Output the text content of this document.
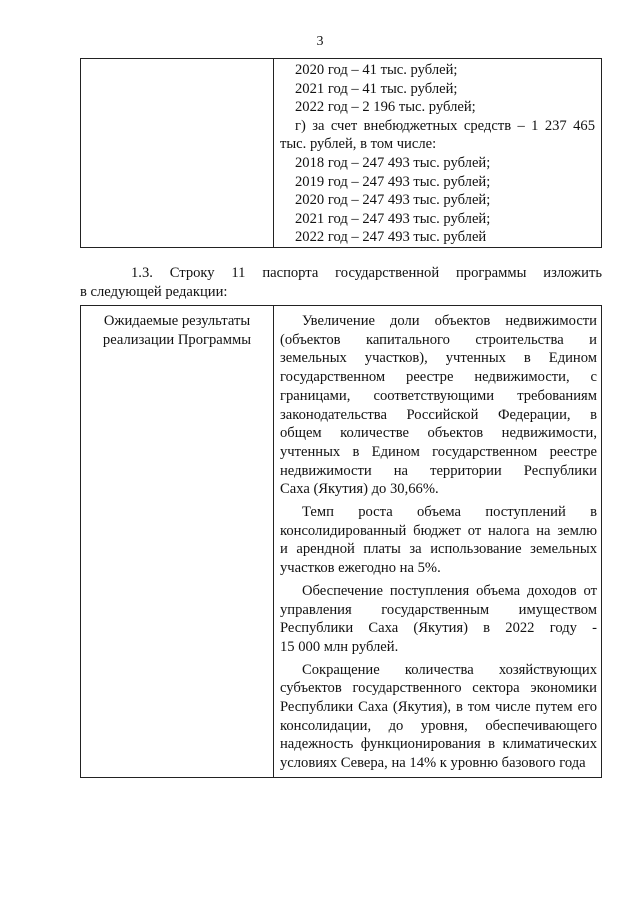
3

2020 год – 41 тыс. рублей;
2021 год – 41 тыс. рублей;
2022 год – 2 196 тыс. рублей;
г) за счет внебюджетных средств – 1 237 465
тыс. рублей, в том числе:
2018 год – 247 493 тыс. рублей;
2019 год – 247 493 тыс. рублей;
2020 год – 247 493 тыс. рублей;
2021 год – 247 493 тыс. рублей;
2022 год – 247 493 тыс. рублей
1.3. Строку 11 паспорта государственной программы изложить
в следующей редакции:
Ожидаемые результаты
реализации Программы

Увеличение доли объектов недвижимости
(объектов капитального строительства и
земельных участков), учтенных в Едином
государственном реестре недвижимости, с
границами, соответствующими требованиям
законодательства Российской Федерации, в
общем количестве объектов недвижимости,
учтенных в Едином государственном реестре
недвижимости на территории Республики
Саха (Якутия) до 30,66%.
Темп роста объема поступлений в
консолидированный бюджет от налога на землю
и арендной платы за использование земельных
участков ежегодно на 5%.
Обеспечение поступления объема доходов от
управления государственным имуществом
Республики Саха (Якутия) в 2022 году -
15 000 млн рублей.
Сокращение количества хозяйствующих
субъектов государственного сектора экономики
Республики Саха (Якутия), в том числе путем его
консолидации, до уровня, обеспечивающего
надежность функционирования в климатических
условиях Севера, на 14% к уровню базового года
